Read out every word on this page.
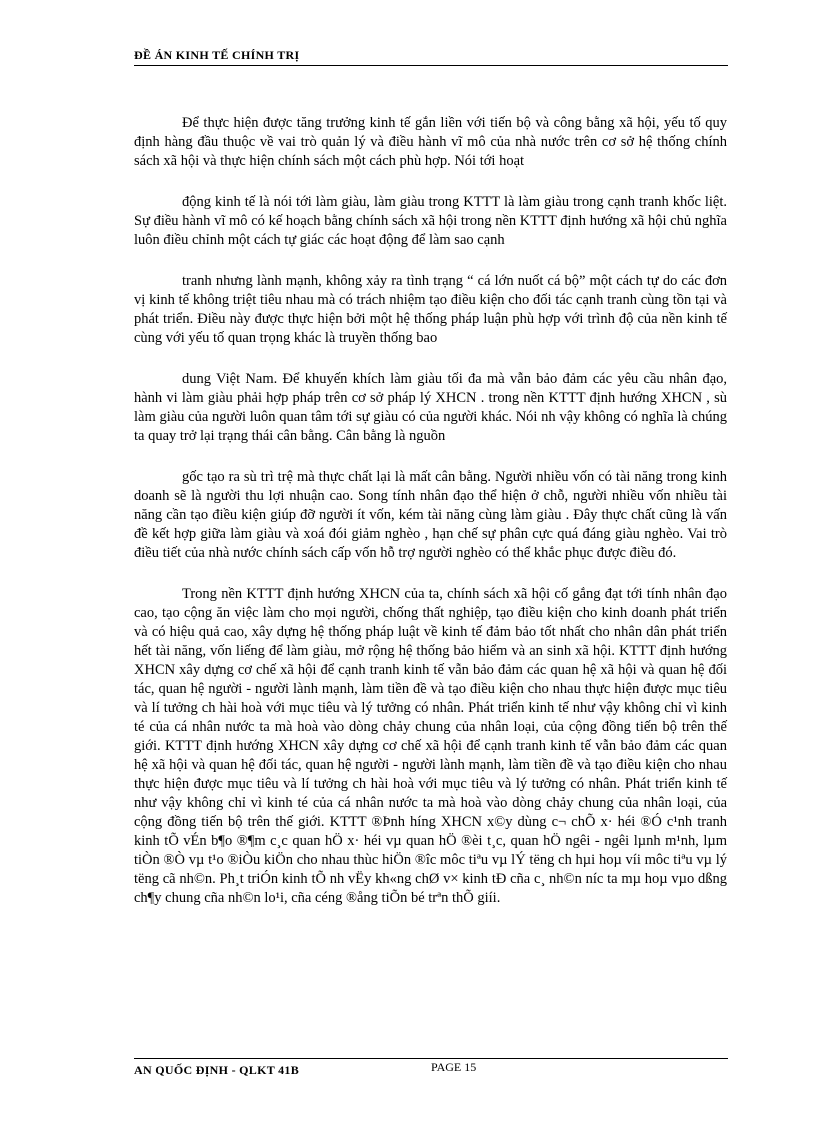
ĐỀ ÁN KINH TẾ CHÍNH TRỊ

Để thực hiện được tăng trưởng kinh tế gắn liền với tiến bộ và công bằng xã hội, yếu tố quy định hàng đầu thuộc về vai trò quản lý và điều hành vĩ mô của nhà nước trên cơ sở hệ thống chính sách xã hội và thực hiện chính sách một cách phù hợp. Nói tới hoạt

động kinh tế là nói tới làm giàu, làm giàu trong KTTT là làm giàu trong cạnh tranh khốc liệt. Sự điều hành vĩ mô có kế hoạch bằng chính sách xã hội trong nền KTTT định hướng xã hội chủ nghĩa luôn điều chỉnh một cách tự giác các hoạt động để làm sao cạnh

tranh nhưng lành mạnh, không xảy ra tình trạng “ cá lớn nuốt cá bộ” một cách tự do các đơn vị kinh tế không triệt tiêu nhau mà có trách nhiệm tạo điều kiện cho đối tác cạnh tranh cùng tồn tại và phát triển. Điều này được thực hiện bởi một hệ thống pháp luận phù hợp với trình độ của nền kinh tế cùng với yếu tố quan trọng khác là truyền thống bao

dung Việt Nam. Để khuyến khích làm giàu tối đa mà vẫn bảo đảm các yêu cầu nhân đạo, hành vi làm giàu phải hợp pháp trên cơ sở pháp lý XHCN . trong nền KTTT định hướng XHCN , sù làm giàu của người luôn quan tâm tới sự giàu có của người khác. Nói nh vậy không có nghĩa là chúng ta quay trở lại trạng thái cân bằng. Cân bằng là nguồn

gốc tạo ra sù trì trệ mà thực chất lại là mất cân bằng. Người nhiều vốn có tài năng trong kinh doanh sẽ là người thu lợi nhuận cao. Song tính nhân đạo thể hiện ở chỗ, người nhiều vốn nhiều tài năng cần tạo điều kiện giúp đỡ người ít vốn, kém tài năng cùng làm giàu . Đây thực chất cũng là vấn đề kết hợp giữa làm giàu và xoá đói giảm nghèo , hạn chế sự phân cực quá đáng giàu nghèo. Vai trò điều tiết của nhà nước chính sách cấp vốn hỗ trợ người nghèo có thể khắc phục được điều đó.

Trong nền KTTT định hướng XHCN của ta, chính sách xã hội cố gắng đạt tới tính nhân đạo cao, tạo cộng ăn việc làm cho mọi người, chống thất nghiệp, tạo điều kiện cho kinh doanh phát triển và có hiệu quả cao, xây dựng hệ thống pháp luật về kinh tế đảm bảo tốt nhất cho nhân dân phát triển hết tài năng, vốn liếng để làm giàu, mở rộng hệ thống bảo hiểm và an sinh xã hội. KTTT định hướng XHCN xây dựng cơ chế xã hội để cạnh tranh kinh tế vẫn bảo đảm các quan hệ xã hội và quan hệ đối tác, quan hệ người - người lành mạnh, làm tiền đề và tạo điều kiện cho nhau thực hiện được mục tiêu và lí tưởng ch hài hoà với mục tiêu và lý tưởng có nhân. Phát triển kinh tế như vậy không chỉ vì kinh té của cá nhân nước ta mà hoà vào dòng chảy chung của nhân loại, của cộng đồng tiến bộ trên thế giới. KTTT định hướng XHCN xây dựng cơ chế xã hội để cạnh tranh kinh tế vẫn bảo đảm các quan hệ xã hội và quan hệ đối tác, quan hệ người - người lành mạnh, làm tiền đề và tạo điều kiện cho nhau thực hiện được mục tiêu và lí tưởng ch hài hoà với mục tiêu và lý tưởng có nhân. Phát triển kinh tế như vậy không chỉ vì kinh té của cá nhân nước ta mà hoà vào dòng chảy chung của nhân loại, của cộng đồng tiến bộ trên thế giới. KTTT ®Þnh híng XHCN x©y dùng c¬ chÕ x· héi ®Ó c¹nh tranh kinh tÕ vÉn b¶o ®¶m c¸c quan hÖ x· héi vµ quan hÖ ®èi t¸c, quan hÖ ngêi - ngêi lµnh m¹nh, lµm tiÒn ®Ò vµ t¹o ®iÒu kiÖn cho nhau thùc hiÖn ®îc môc tiªu vµ lÝ tëng ch hµi hoµ víi môc tiªu vµ lý tëng cã nh©n. Ph¸t triÓn kinh tÕ nh vËy kh«ng chØ v× kinh tÐ cña c¸ nh©n níc ta mµ hoµ vµo dßng ch¶y chung cña nh©n lo¹i, cña céng ®ång tiÕn bé trªn thÕ giíi.

AN QUỐC ĐỊNH - QLKT 41B	PAGE 15
